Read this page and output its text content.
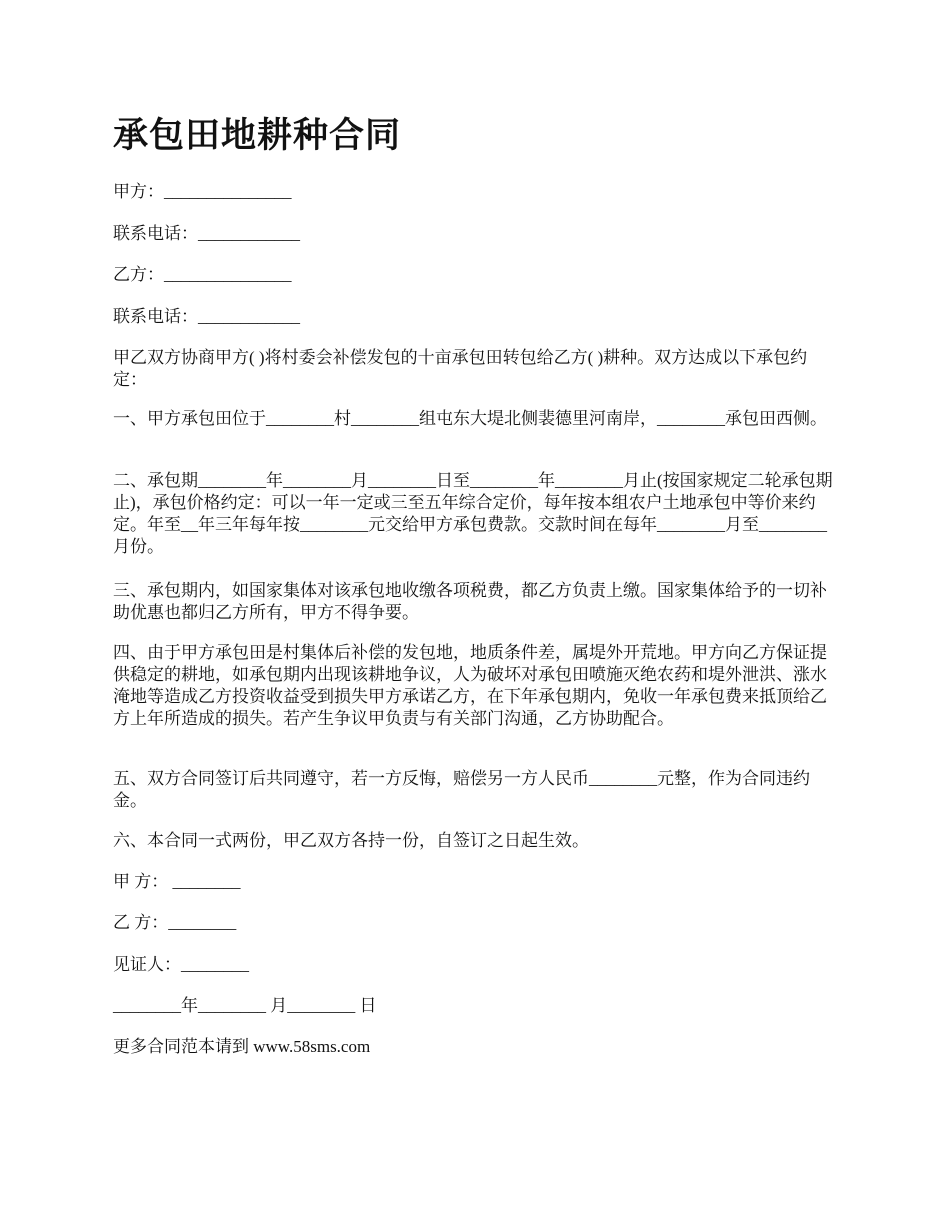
承包田地耕种合同

甲方：_______________

联系电话：____________

乙方：_______________

联系电话：____________

甲乙双方协商甲方( )将村委会补偿发包的十亩承包田转包给乙方( )耕种。双方达成以下承包约定：

一、甲方承包田位于________村________组屯东大堤北侧裴德里河南岸，________承包田西侧。

二、承包期________年________月________日至________年________月止(按国家规定二轮承包期止)，承包价格约定：可以一年一定或三至五年综合定价，每年按本组农户土地承包中等价来约定。年至__年三年每年按________元交给甲方承包费款。交款时间在每年________月至________月份。

三、承包期内，如国家集体对该承包地收缴各项税费，都乙方负责上缴。国家集体给予的一切补助优惠也都归乙方所有，甲方不得争要。

四、由于甲方承包田是村集体后补偿的发包地，地质条件差，属堤外开荒地。甲方向乙方保证提供稳定的耕地，如承包期内出现该耕地争议，人为破坏对承包田喷施灭绝农药和堤外泄洪、涨水淹地等造成乙方投资收益受到损失甲方承诺乙方，在下年承包期内，免收一年承包费来抵顶给乙方上年所造成的损失。若产生争议甲负责与有关部门沟通，乙方协助配合。

五、双方合同签订后共同遵守，若一方反悔，赔偿另一方人民币________元整，作为合同违约金。

六、本合同一式两份，甲乙双方各持一份，自签订之日起生效。

甲 方： ________

乙 方：________

见证人：________

________年________ 月________ 日

更多合同范本请到 www.58sms.com
